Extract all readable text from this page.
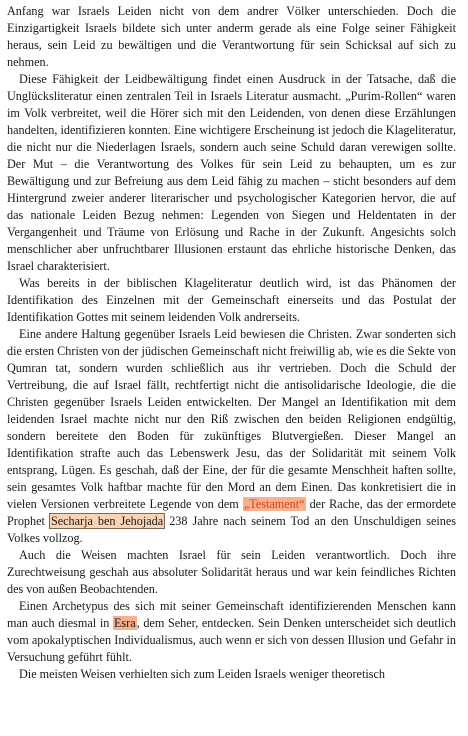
Anfang war Israels Leiden nicht von dem andrer Völker unterschieden. Doch die Einzigartigkeit Israels bildete sich unter anderm gerade als eine Folge seiner Fähigkeit heraus, sein Leid zu bewältigen und die Verantwortung für sein Schicksal auf sich zu nehmen.

Diese Fähigkeit der Leidbewältigung findet einen Ausdruck in der Tatsache, daß die Unglücksliteratur einen zentralen Teil in Israels Literatur ausmacht. „Purim-Rollen“ waren im Volk verbreitet, weil die Hörer sich mit den Leidenden, von denen diese Erzählungen handelten, identifizieren konnten. Eine wichtigere Erscheinung ist jedoch die Klageliteratur, die nicht nur die Niederlagen Israels, sondern auch seine Schuld daran verewigen sollte. Der Mut – die Verantwortung des Volkes für sein Leid zu behaupten, um es zur Bewältigung und zur Befreiung aus dem Leid fähig zu machen – sticht besonders auf dem Hintergrund zweier anderer literarischer und psychologischer Kategorien hervor, die auf das nationale Leiden Bezug nehmen: Legenden von Siegen und Heldentaten in der Vergangenheit und Träume von Erlösung und Rache in der Zukunft. Angesichts solch menschlicher aber unfruchtbarer Illusionen erstaunt das ehrliche historische Denken, das Israel charakterisiert.

Was bereits in der biblischen Klageliteratur deutlich wird, ist das Phänomen der Identifikation des Einzelnen mit der Gemeinschaft einerseits und das Postulat der Identifikation Gottes mit seinem leidenden Volk andrerseits.

Eine andere Haltung gegenüber Israels Leid bewiesen die Christen. Zwar sonderten sich die ersten Christen von der jüdischen Gemeinschaft nicht freiwillig ab, wie es die Sekte von Qumran tat, sondern wurden schließlich aus ihr vertrieben. Doch die Schuld der Vertreibung, die auf Israel fällt, rechtfertigt nicht die antisolidarische Ideologie, die die Christen gegenüber Israels Leiden entwickelten. Der Mangel an Identifikation mit dem leidenden Israel machte nicht nur den Riß zwischen den beiden Religionen endgültig, sondern bereitete den Boden für zukünftiges Blutvergießen. Dieser Mangel an Identifikation strafte auch das Lebenswerk Jesu, das der Solidarität mit seinem Volk entsprang, Lügen. Es geschah, daß der Eine, der für die gesamte Menschheit haften sollte, sein gesamtes Volk haftbar machte für den Mord an dem Einen. Das konkretisiert die in vielen Versionen verbreitete Legende von dem „Testament“ der Rache, das der ermordete Prophet Secharja ben Jehojada 238 Jahre nach seinem Tod an den Unschuldigen seines Volkes vollzog.

Auch die Weisen machten Israel für sein Leiden verantwortlich. Doch ihre Zurechtweisung geschah aus absoluter Solidarität heraus und war kein feindliches Richten des von außen Beobachtenden.

Einen Archetypus des sich mit seiner Gemeinschaft identifizierenden Menschen kann man auch diesmal in Esra, dem Seher, entdecken. Sein Denken unterscheidet sich deutlich vom apokalyptischen Individualismus, auch wenn er sich von dessen Illusion und Gefahr in Versuchung geführt fühlt.

Die meisten Weisen verhielten sich zum Leiden Israels weniger theoretisch
